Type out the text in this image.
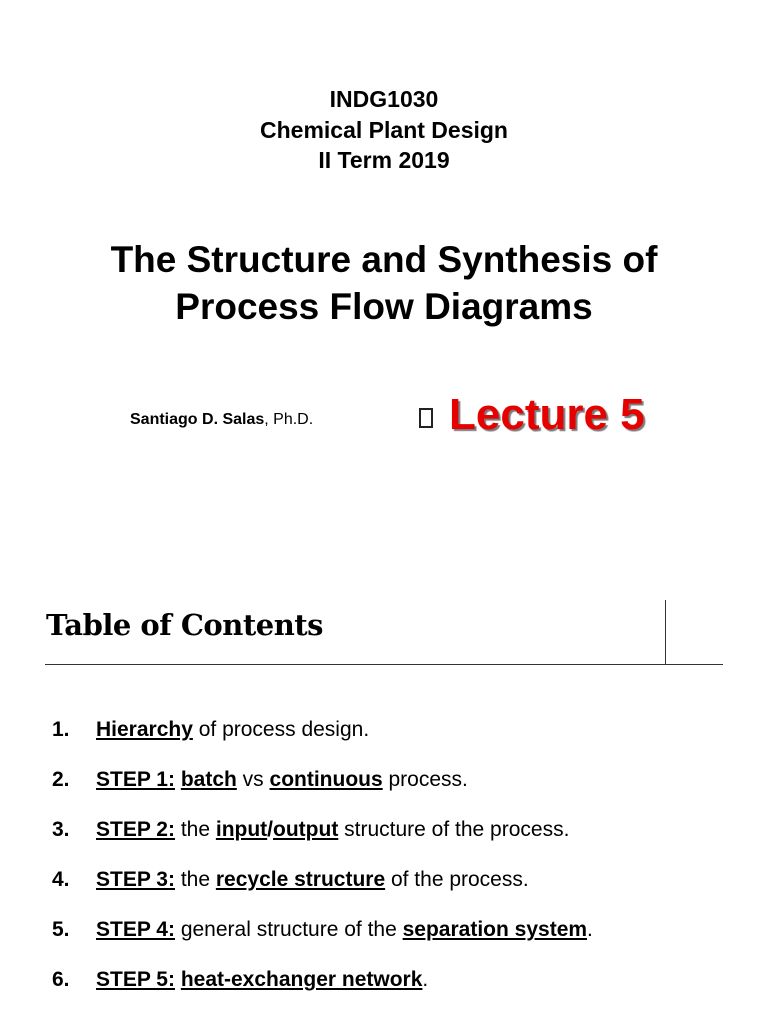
INDG1030
Chemical Plant Design
II Term 2019
The Structure and Synthesis of
Process Flow Diagrams
Santiago D. Salas, Ph.D.	Lecture 5
Table of Contents
1. Hierarchy of process design.
2. STEP 1: batch vs continuous process.
3. STEP 2: the input/output structure of the process.
4. STEP 3: the recycle structure of the process.
5. STEP 4: general structure of the separation system.
6. STEP 5: heat-exchanger network.
